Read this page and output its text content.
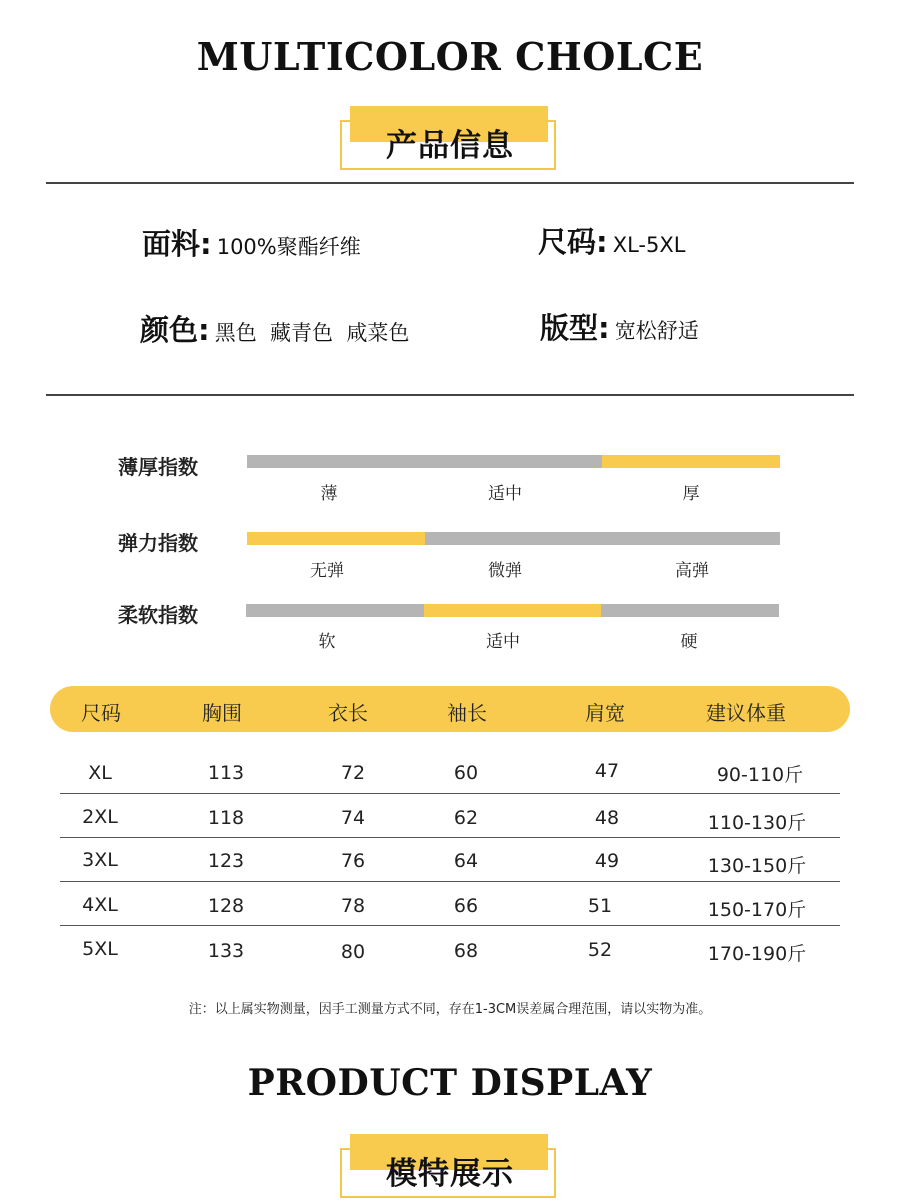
MULTICOLOR CHOLCE
产品信息
面料: 100%聚酯纤维	尺码: XL-5XL
颜色: 黑色  藏青色  咸菜色	版型: 宽松舒适
薄厚指数
薄	适中	厚
弹力指数
无弹	微弹	高弹
柔软指数
软	适中	硬
尺码	胸围	衣长	袖长	肩宽	建议体重
XL	113	72	60	47	90-110斤
2XL	118	74	62	48	110-130斤
3XL	123	76	64	49	130-150斤
4XL	128	78	66	51	150-170斤
5XL	133	80	68	52	170-190斤
注：以上属实物测量，因手工测量方式不同，存在1-3CM误差属合理范围，请以实物为准。
PRODUCT DISPLAY
模特展示
